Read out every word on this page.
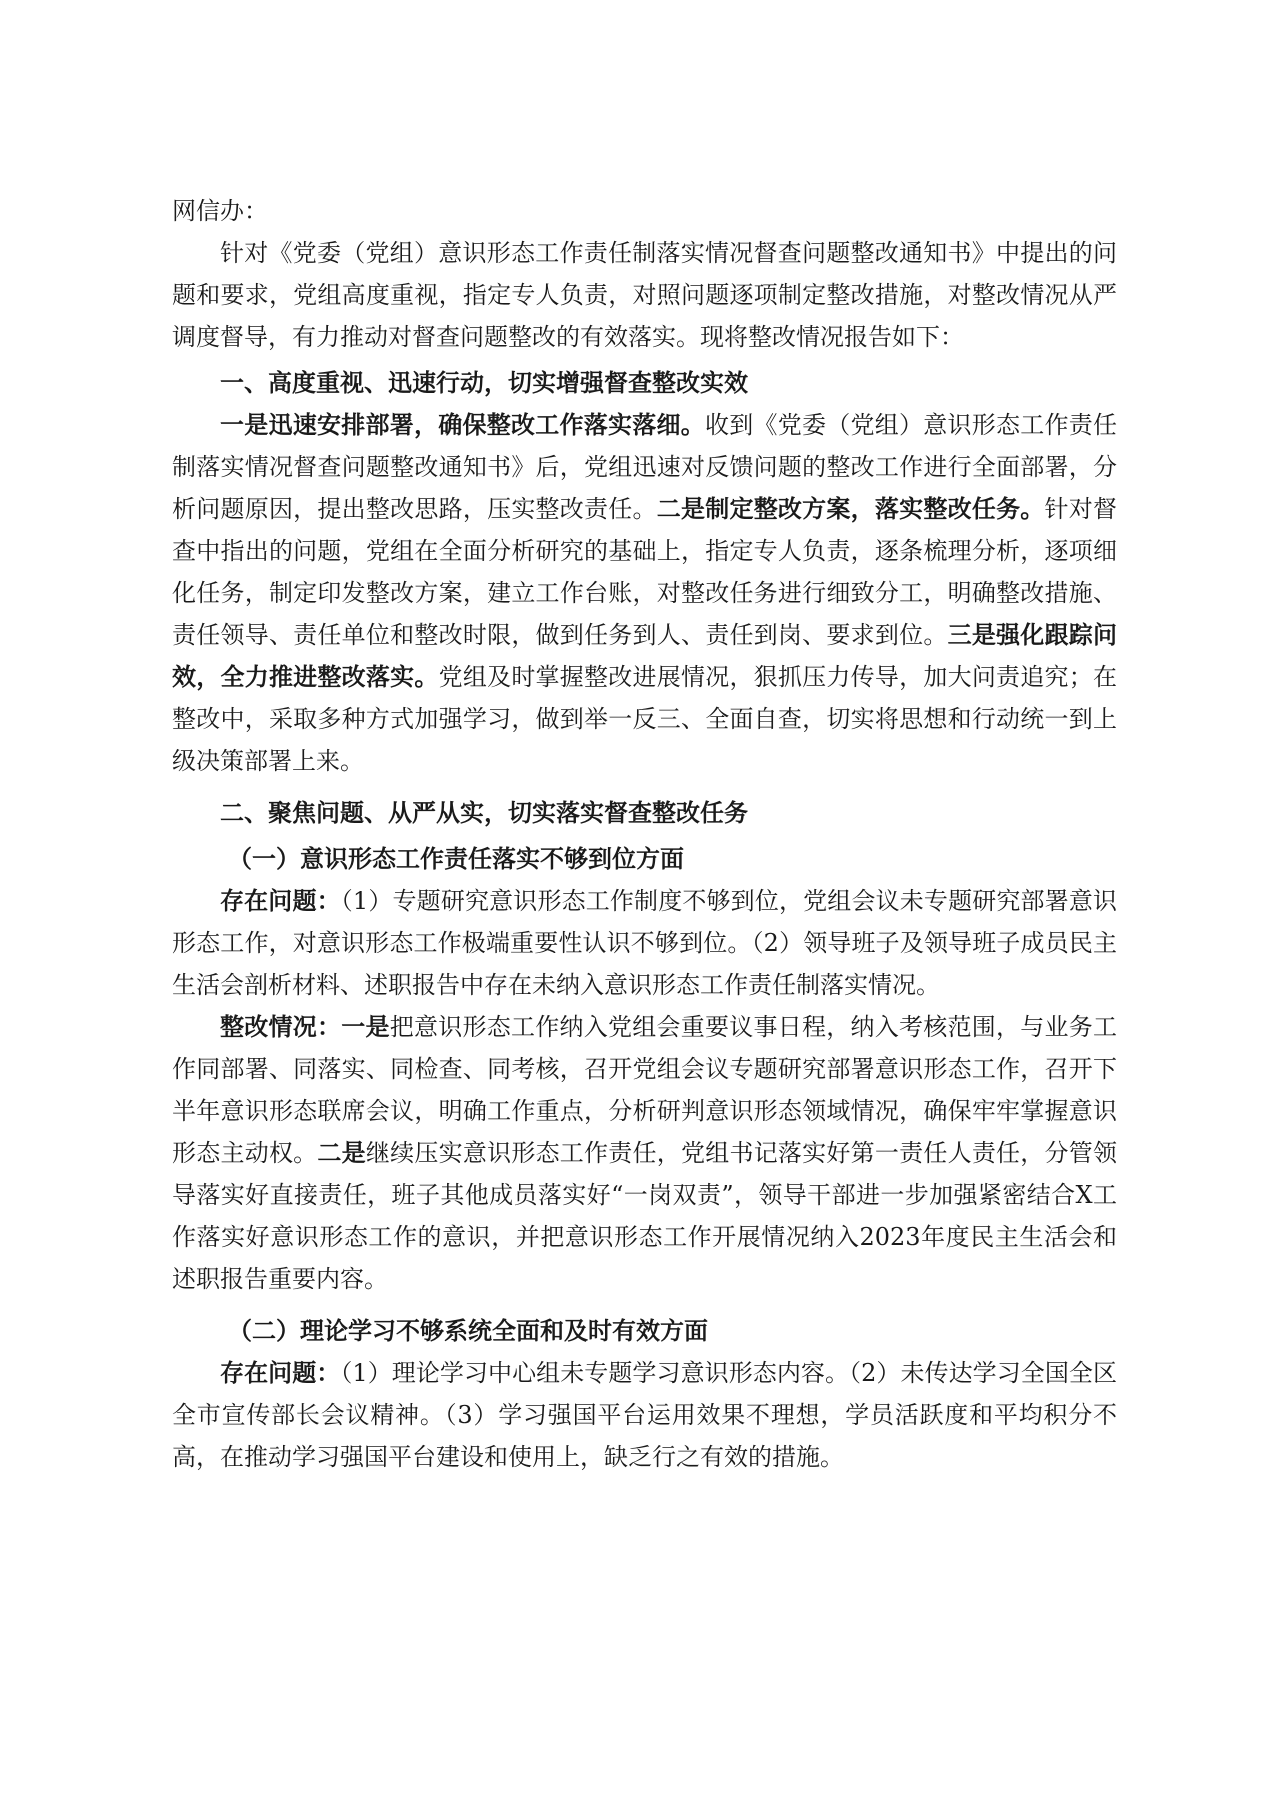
网信办：

针对《党委（党组）意识形态工作责任制落实情况督查问题整改通知书》中提出的问题和要求，党组高度重视，指定专人负责，对照问题逐项制定整改措施，对整改情况从严调度督导，有力推动对督查问题整改的有效落实。现将整改情况报告如下：

一、高度重视、迅速行动，切实增强督查整改实效

一是迅速安排部署，确保整改工作落实落细。收到《党委（党组）意识形态工作责任制落实情况督查问题整改通知书》后，党组迅速对反馈问题的整改工作进行全面部署，分析问题原因，提出整改思路，压实整改责任。二是制定整改方案，落实整改任务。针对督查中指出的问题，党组在全面分析研究的基础上，指定专人负责，逐条梳理分析，逐项细化任务，制定印发整改方案，建立工作台账，对整改任务进行细致分工，明确整改措施、责任领导、责任单位和整改时限，做到任务到人、责任到岗、要求到位。三是强化跟踪问效，全力推进整改落实。党组及时掌握整改进展情况，狠抓压力传导，加大问责追究；在整改中，采取多种方式加强学习，做到举一反三、全面自查，切实将思想和行动统一到上级决策部署上来。

二、聚焦问题、从严从实，切实落实督查整改任务

（一）意识形态工作责任落实不够到位方面

存在问题：（1）专题研究意识形态工作制度不够到位，党组会议未专题研究部署意识形态工作，对意识形态工作极端重要性认识不够到位。（2）领导班子及领导班子成员民主生活会剖析材料、述职报告中存在未纳入意识形态工作责任制落实情况。

整改情况：一是把意识形态工作纳入党组会重要议事日程，纳入考核范围，与业务工作同部署、同落实、同检查、同考核，召开党组会议专题研究部署意识形态工作，召开下半年意识形态联席会议，明确工作重点，分析研判意识形态领域情况，确保牢牢掌握意识形态主动权。二是继续压实意识形态工作责任，党组书记落实好第一责任人责任，分管领导落实好直接责任，班子其他成员落实好“一岗双责”，领导干部进一步加强紧密结合X工作落实好意识形态工作的意识，并把意识形态工作开展情况纳入2023年度民主生活会和述职报告重要内容。

（二）理论学习不够系统全面和及时有效方面

存在问题：（1）理论学习中心组未专题学习意识形态内容。（2）未传达学习全国全区全市宣传部长会议精神。（3）学习强国平台运用效果不理想，学员活跃度和平均积分不高，在推动学习强国平台建设和使用上，缺乏行之有效的措施。
